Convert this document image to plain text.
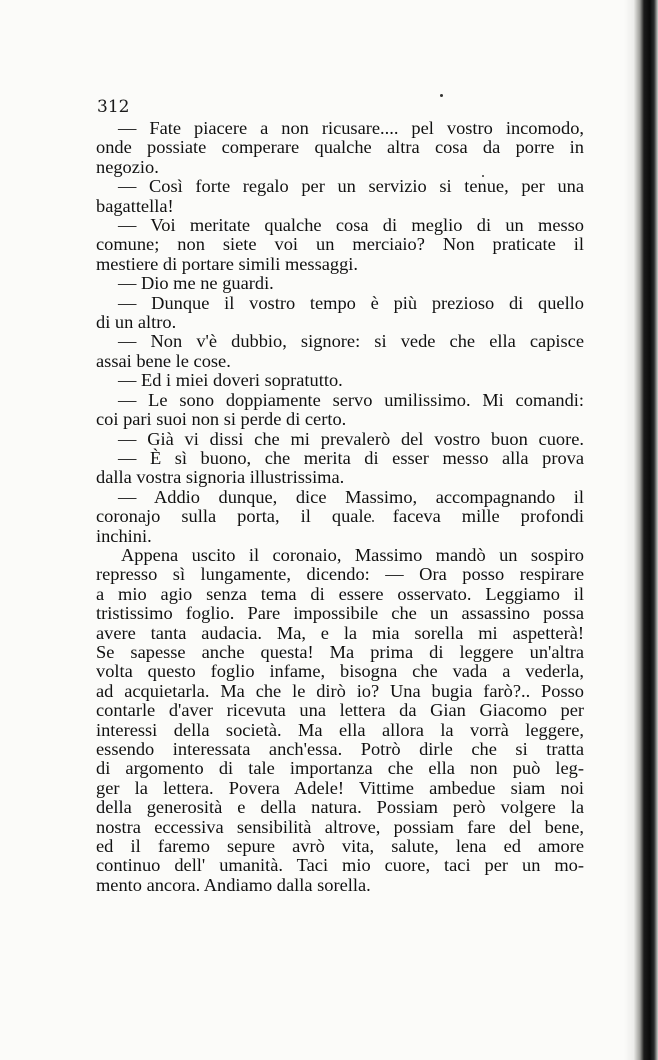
312
— Fate piacere a non ricusare.... pel vostro incomodo,
onde possiate comperare qualche altra cosa da porre in
negozio.
— Così forte regalo per un servizio si tenue, per una
bagattella!
— Voi meritate qualche cosa di meglio di un messo
comune; non siete voi un merciaio? Non praticate il
mestiere di portare simili messaggi.
— Dio me ne guardi.
— Dunque il vostro tempo è più prezioso di quello
di un altro.
— Non v'è dubbio, signore: si vede che ella capisce
assai bene le cose.
— Ed i miei doveri sopratutto.
— Le sono doppiamente servo umilissimo. Mi comandi:
coi pari suoi non si perde di certo.
— Già vi dissi che mi prevalerò del vostro buon cuore.
— È sì buono, che merita di esser messo alla prova
dalla vostra signoria illustrissima.
— Addio dunque, dice Massimo, accompagnando il
coronajo sulla porta, il quale faceva mille profondi
inchini.
Appena uscito il coronaio, Massimo mandò un sospiro
represso sì lungamente, dicendo: — Ora posso respirare
a mio agio senza tema di essere osservato. Leggiamo il
tristissimo foglio. Pare impossibile che un assassino possa
avere tanta audacia. Ma, e la mia sorella mi aspetterà!
Se sapesse anche questa! Ma prima di leggere un'altra
volta questo foglio infame, bisogna che vada a vederla,
ad acquietarla. Ma che le dirò io? Una bugia farò?.. Posso
contarle d'aver ricevuta una lettera da Gian Giacomo per
interessi della società. Ma ella allora la vorrà leggere,
essendo interessata anch'essa. Potrò dirle che si tratta
di argomento di tale importanza che ella non può leg-
ger la lettera. Povera Adele! Vittime ambedue siam noi
della generosità e della natura. Possiam però volgere la
nostra eccessiva sensibilità altrove, possiam fare del bene,
ed il faremo sepure avrò vita, salute, lena ed amore
continuo dell' umanità. Taci mio cuore, taci per un mo-
mento ancora. Andiamo dalla sorella.
